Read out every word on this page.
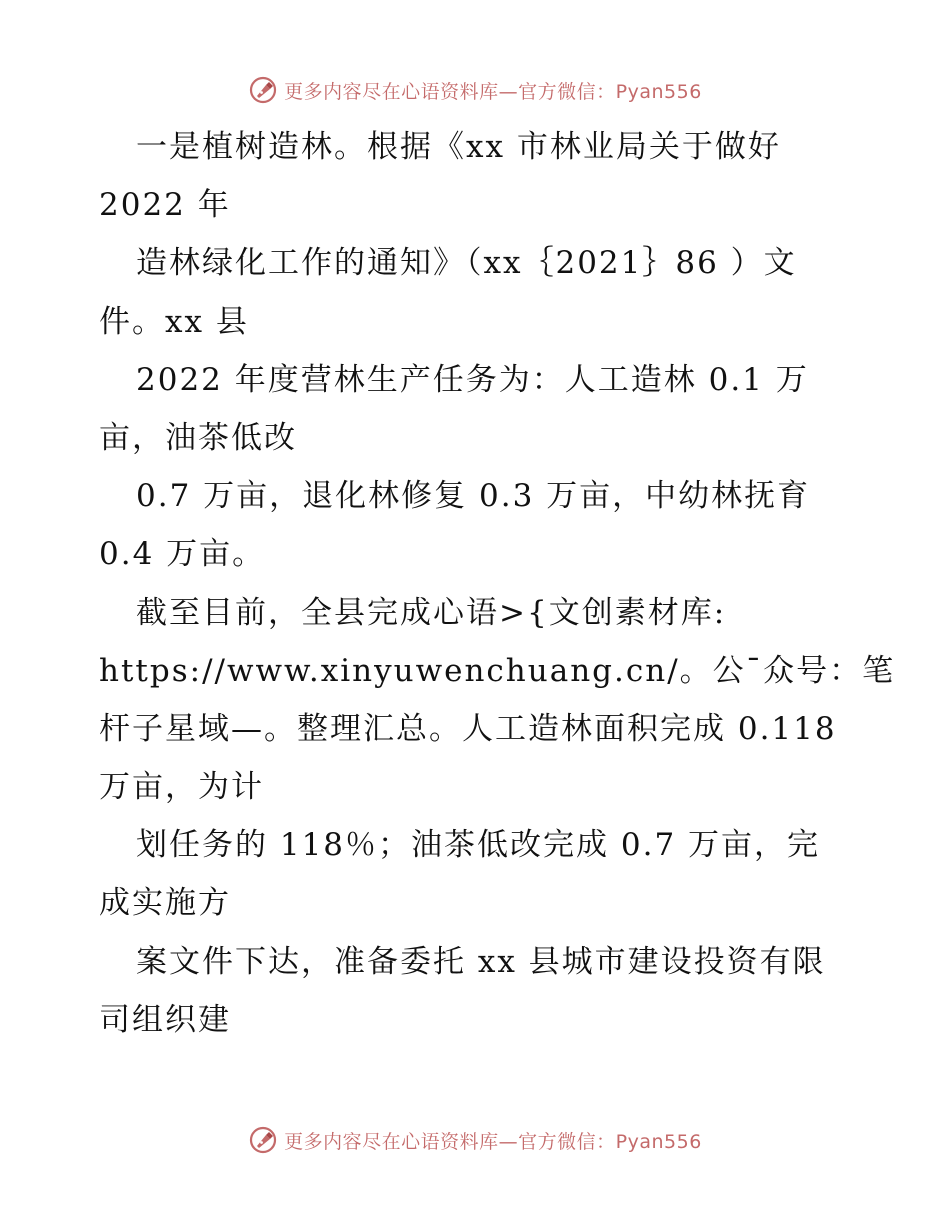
更多内容尽在心语资料库—官方微信：Pyan556
一是植树造林。根据《xx 市林业局关于做好
2022 年
造林绿化工作的通知》（xx｛2021｝86 ）文
件。xx 县
2022 年度营林生产任务为：人工造林 0.1 万
亩，油茶低改
0.7 万亩，退化林修复 0.3 万亩，中幼林抚育
0.4 万亩。
截至目前，全县完成心语>{文创素材库:
https://www.xinyuwenchuang.cn/。公¯众号：笔
杆子星域—。整理汇总。人工造林面积完成 0.118
万亩，为计
划任务的 118％；油茶低改完成 0.7 万亩，完
成实施方
案文件下达，准备委托 xx 县城市建设投资有限
司组织建
更多内容尽在心语资料库—官方微信：Pyan556
